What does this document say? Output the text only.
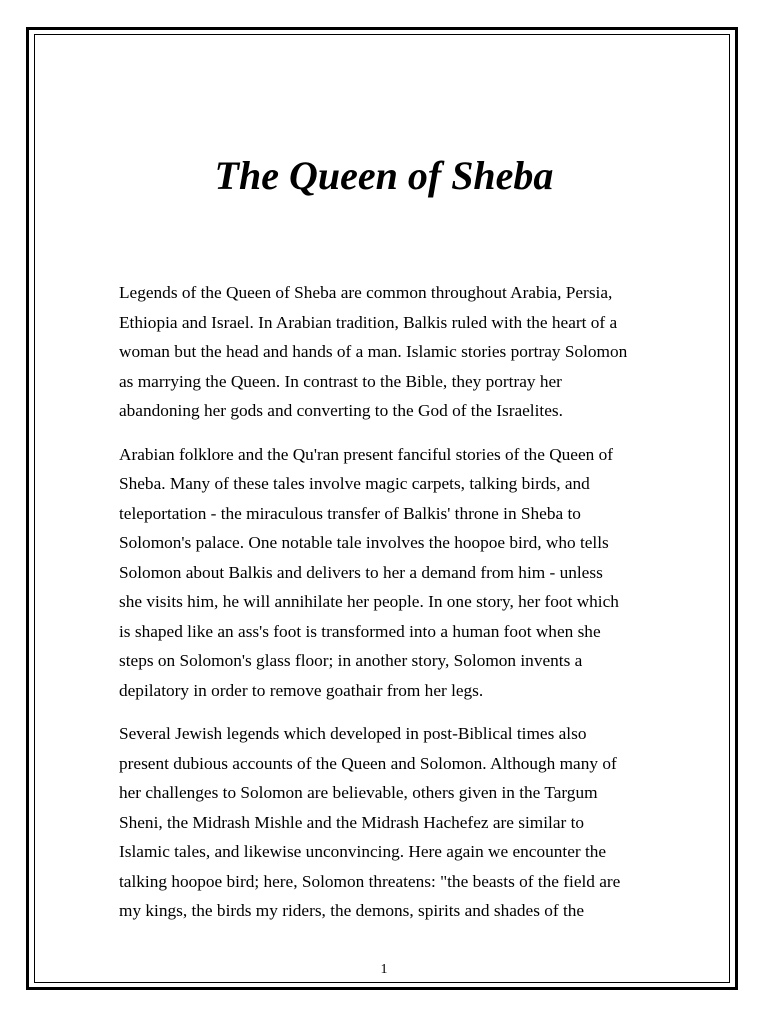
The Queen of Sheba

Legends of the Queen of Sheba are common throughout Arabia, Persia,
Ethiopia and Israel. In Arabian tradition, Balkis ruled with the heart of a
woman but the head and hands of a man. Islamic stories portray Solomon
as marrying the Queen. In contrast to the Bible, they portray her
abandoning her gods and converting to the God of the Israelites.

Arabian folklore and the Qu'ran present fanciful stories of the Queen of
Sheba. Many of these tales involve magic carpets, talking birds, and
teleportation - the miraculous transfer of Balkis' throne in Sheba to
Solomon's palace. One notable tale involves the hoopoe bird, who tells
Solomon about Balkis and delivers to her a demand from him - unless
she visits him, he will annihilate her people. In one story, her foot which
is shaped like an ass's foot is transformed into a human foot when she
steps on Solomon's glass floor; in another story, Solomon invents a
depilatory in order to remove goathair from her legs.

Several Jewish legends which developed in post-Biblical times also
present dubious accounts of the Queen and Solomon. Although many of
her challenges to Solomon are believable, others given in the Targum
Sheni, the Midrash Mishle and the Midrash Hachefez are similar to
Islamic tales, and likewise unconvincing. Here again we encounter the
talking hoopoe bird; here, Solomon threatens: "the beasts of the field are
my kings, the birds my riders, the demons, spirits and shades of the

1
